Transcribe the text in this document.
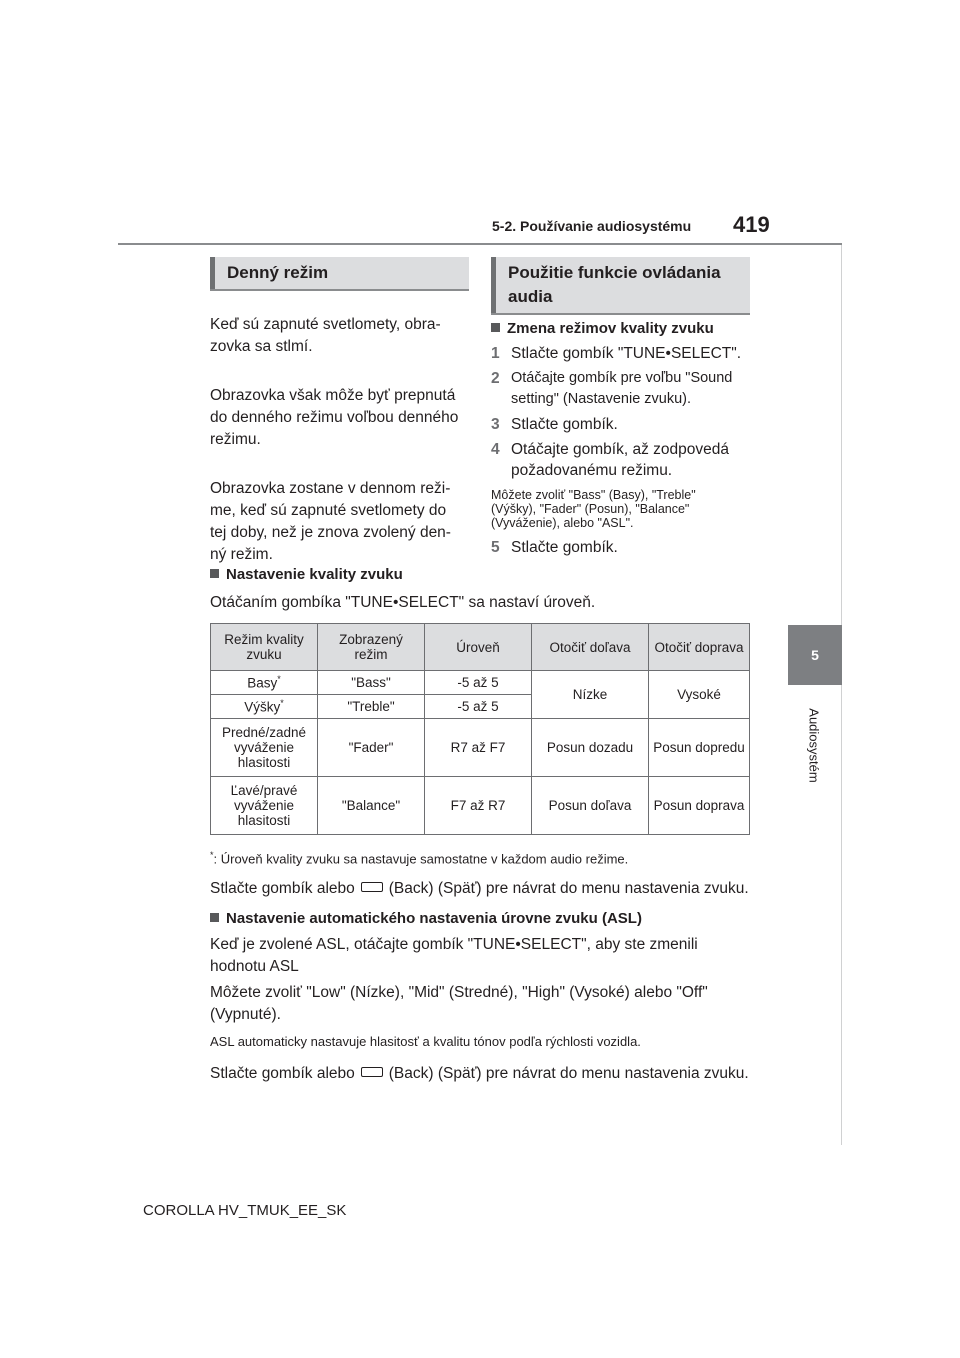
5-2. Používanie audiosystému 419
5
Audiosystém
Denný režim

Keď sú zapnuté svetlomety, obra-
zovka sa stlmí.

Obrazovka však môže byť prepnutá
do denného režimu voľbou denného
režimu.

Obrazovka zostane v dennom reži-
me, keď sú zapnuté svetlomety do
tej doby, než je znova zvolený den-
ný režim.

Použitie funkcie ovládania
audia
Zmena režimov kvality zvuku
1 Stlačte gombík "TUNE•SELECT".
2 Otáčajte gombík pre voľbu "Sound setting" (Nastavenie zvuku).
3 Stlačte gombík.
4 Otáčajte gombík, až zodpovedá požadovanému režimu.
Môžete zvoliť "Bass" (Basy), "Treble"
(Výšky), "Fader" (Posun), "Balance"
(Vyváženie), alebo "ASL".
5 Stlačte gombík.
Nastavenie kvality zvuku

Otáčaním gombíka "TUNE•SELECT" sa nastaví úroveň.

Režim kvality
zvuku	Zobrazený
režim	Úroveň	Otočiť doľava	Otočiť doprava
Basy*	"Bass"	-5 až 5	Nízke	Vysoké
Výšky*	"Treble"	-5 až 5		
Predné/zadné
vyváženie
hlasitosti	"Fader"	R7 až F7	Posun dozadu	Posun dopredu
Ľavé/pravé
vyváženie
hlasitosti	"Balance"	F7 až R7	Posun doľava	Posun doprava
*: Úroveň kvality zvuku sa nastavuje samostatne v každom audio režime.

Stlačte gombík alebo (Back) (Späť) pre návrat do menu nastavenia zvuku.

Nastavenie automatického nastavenia úrovne zvuku (ASL)

Keď je zvolené ASL, otáčajte gombík "TUNE•SELECT", aby ste zmenili
hodnotu ASL

Môžete zvoliť "Low" (Nízke), "Mid" (Stredné), "High" (Vysoké) alebo "Off"
(Vypnuté).

ASL automaticky nastavuje hlasitosť a kvalitu tónov podľa rýchlosti vozidla.

Stlačte gombík alebo (Back) (Späť) pre návrat do menu nastavenia zvuku.

COROLLA HV_TMUK_EE_SK
